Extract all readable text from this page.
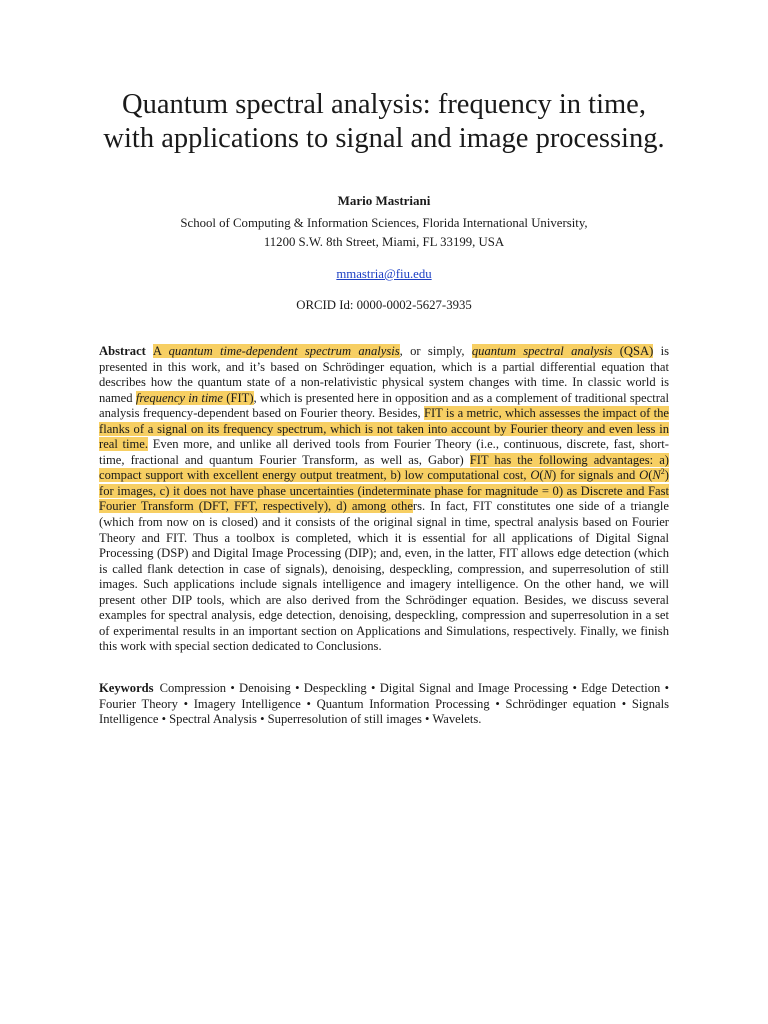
Quantum spectral analysis: frequency in time,
with applications to signal and image processing.
Mario Mastriani
School of Computing & Information Sciences, Florida International University,
11200 S.W. 8th Street, Miami, FL 33199, USA
mmastria@fiu.edu
ORCID Id: 0000-0002-5627-3935

Abstract A quantum time-dependent spectrum analysis, or simply, quantum spectral analysis (QSA) is presented in this work, and it’s based on Schrödinger equation, which is a partial differential equation that describes how the quantum state of a non-relativistic physical system changes with time. In classic world is named frequency in time (FIT), which is presented here in opposition and as a complement of traditional spectral analysis frequency-dependent based on Fourier theory. Besides, FIT is a metric, which assesses the impact of the flanks of a signal on its frequency spectrum, which is not taken into account by Fourier theory and even less in real time. Even more, and unlike all derived tools from Fourier Theory (i.e., continuous, discrete, fast, short-time, fractional and quantum Fourier Transform, as well as, Gabor) FIT has the following advantages: a) compact support with excellent energy output treatment, b) low computational cost, O(N) for signals and $O(N^2)$ for images, c) it does not have phase uncertainties (indeterminate phase for magnitude = 0) as Discrete and Fast Fourier Transform (DFT, FFT, respectively), d) among others. In fact, FIT constitutes one side of a triangle (which from now on is closed) and it consists of the original signal in time, spectral analysis based on Fourier Theory and FIT. Thus a toolbox is completed, which it is essential for all applications of Digital Signal Processing (DSP) and Digital Image Processing (DIP); and, even, in the latter, FIT allows edge detection (which is called flank detection in case of signals), denoising, despeckling, compression, and superresolution of still images. Such applications include signals intelligence and imagery intelligence. On the other hand, we will present other DIP tools, which are also derived from the Schrödinger equation. Besides, we discuss several examples for spectral analysis, edge detection, denoising, despeckling, compression and superresolution in a set of experimental results in an important section on Applications and Simulations, respectively. Finally, we finish this work with special section dedicated to Conclusions.

Keywords Compression • Denoising • Despeckling • Digital Signal and Image Processing • Edge Detection • Fourier Theory • Imagery Intelligence • Quantum Information Processing • Schrödinger equation • Signals Intelligence • Spectral Analysis • Superresolution of still images • Wavelets.
